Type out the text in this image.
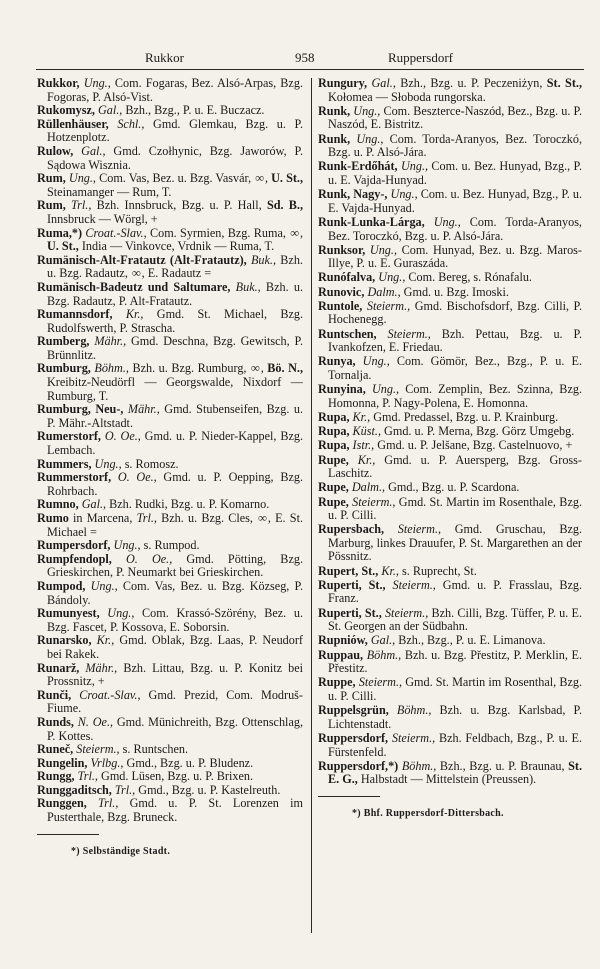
Rukkor	958	Ruppersdorf

Rukkor, Ung., Com. Fogaras, Bez. Alsó-Arpas, Bzg. Fogoras, P. Alsó-Vist.

Rukomysz, Gal., Bzh., Bzg., P. u. E. Buczacz.

Rüllenhäuser, Schl., Gmd. Glemkau, Bzg. u. P. Hotzenplotz.

Rulow, Gal., Gmd. Czołhynic, Bzg. Jaworów, P. Sądowa Wisznia.

Rum, Ung., Com. Vas, Bez. u. Bzg. Vasvár, ∞, U. St., Steinamanger — Rum, T.

Rum, Trl., Bzh. Innsbruck, Bzg. u. P. Hall, Sd. B., Innsbruck — Wörgl, +

Ruma,*) Croat.-Slav., Com. Syrmien, Bzg. Ruma, ∞, U. St., India — Vinkovce, Vrdnik — Ruma, T.

Rumänisch-Alt-Fratautz (Alt-Fratautz), Buk., Bzh. u. Bzg. Radautz, ∞, E. Radautz =

Rumänisch-Badeutz und Saltumare, Buk., Bzh. u. Bzg. Radautz, P. Alt-Fratautz.

Rumannsdorf, Kr., Gmd. St. Michael, Bzg. Rudolfswerth, P. Strascha.

Rumberg, Mähr., Gmd. Deschna, Bzg. Gewitsch, P. Brünnlitz.

Rumburg, Böhm., Bzh. u. Bzg. Rumburg, ∞, Bö. N., Kreibitz-Neudörfl — Georgswalde, Nixdorf — Rumburg, T.

Rumburg, Neu-, Mähr., Gmd. Stubenseifen, Bzg. u. P. Mähr.-Altstadt.

Rumerstorf, O. Oe., Gmd. u. P. Nieder-Kappel, Bzg. Lembach.

Rummers, Ung., s. Romosz.

Rummerstorf, O. Oe., Gmd. u. P. Oepping, Bzg. Rohrbach.

Rumno, Gal., Bzh. Rudki, Bzg. u. P. Komarno.

Rumo in Marcena, Trl., Bzh. u. Bzg. Cles, ∞, E. St. Michael =

Rumpersdorf, Ung., s. Rumpod.

Rumpfendopl, O. Oe., Gmd. Pötting, Bzg. Grieskirchen, P. Neumarkt bei Grieskirchen.

Rumpod, Ung., Com. Vas, Bez. u. Bzg. Közseg, P. Bándoly.

Rumunyest, Ung., Com. Krassó-Szörény, Bez. u. Bzg. Fascet, P. Kossova, E. Soborsin.

Runarsko, Kr., Gmd. Oblak, Bzg. Laas, P. Neudorf bei Rakek.

Runarž, Mähr., Bzh. Littau, Bzg. u. P. Konitz bei Prossnitz, +

Runči, Croat.-Slav., Gmd. Prezid, Com. Modruš-Fiume.

Runds, N. Oe., Gmd. Münichreith, Bzg. Ottenschlag, P. Kottes.

Runeč, Steierm., s. Runtschen.

Rungelin, Vrlbg., Gmd., Bzg. u. P. Bludenz.

Rungg, Trl., Gmd. Lüsen, Bzg. u. P. Brixen.

Runggaditsch, Trl., Gmd., Bzg. u. P. Kastelreuth.

Runggen, Trl., Gmd. u. P. St. Lorenzen im Pusterthale, Bzg. Bruneck.

*) Selbständige Stadt.

Rungury, Gal., Bzh., Bzg. u. P. Peczeniżyn, St. St., Kołomea — Słoboda rungorska.

Runk, Ung., Com. Beszterce-Naszód, Bez., Bzg. u. P. Naszód, E. Bistritz.

Runk, Ung., Com. Torda-Aranyos, Bez. Toroczkó, Bzg. u. P. Alsó-Jára.

Runk-Erdőhát, Ung., Com. u. Bez. Hunyad, Bzg., P. u. E. Vajda-Hunyad.

Runk, Nagy-, Ung., Com. u. Bez. Hunyad, Bzg., P. u. E. Vajda-Hunyad.

Runk-Lunka-Lárga, Ung., Com. Torda-Aranyos, Bez. Toroczkó, Bzg. u. P. Alsó-Jára.

Runksor, Ung., Com. Hunyad, Bez. u. Bzg. Maros-Illye, P. u. E. Guraszáda.

Runófalva, Ung., Com. Bereg, s. Rónafalu.

Runovic, Dalm., Gmd. u. Bzg. Imoski.

Runtole, Steierm., Gmd. Bischofsdorf, Bzg. Cilli, P. Hochenegg.

Runtschen, Steierm., Bzh. Pettau, Bzg. u. P. Ivankofzen, E. Friedau.

Runya, Ung., Com. Gömör, Bez., Bzg., P. u. E. Tornalja.

Runyina, Ung., Com. Zemplin, Bez. Szinna, Bzg. Homonna, P. Nagy-Polena, E. Homonna.

Rupa, Kr., Gmd. Predassel, Bzg. u. P. Krainburg.

Rupa, Küst., Gmd. u. P. Merna, Bzg. Görz Umgebg.

Rupa, Istr., Gmd. u. P. Jelšane, Bzg. Castelnuovo, +

Rupe, Kr., Gmd. u. P. Auersperg, Bzg. Gross-Laschitz.

Rupe, Dalm., Gmd., Bzg. u. P. Scardona.

Rupe, Steierm., Gmd. St. Martin im Rosenthale, Bzg. u. P. Cilli.

Rupersbach, Steierm., Gmd. Gruschau, Bzg. Marburg, linkes Drauufer, P. St. Margarethen an der Pössnitz.

Rupert, St., Kr., s. Ruprecht, St.

Ruperti, St., Steierm., Gmd. u. P. Frasslau, Bzg. Franz.

Ruperti, St., Steierm., Bzh. Cilli, Bzg. Tüffer, P. u. E. St. Georgen an der Südbahn.

Rupniów, Gal., Bzh., Bzg., P. u. E. Limanova.

Ruppau, Böhm., Bzh. u. Bzg. Přestitz, P. Merklin, E. Přestitz.

Ruppe, Steierm., Gmd. St. Martin im Rosenthal, Bzg. u. P. Cilli.

Ruppelsgrün, Böhm., Bzh. u. Bzg. Karlsbad, P. Lichtenstadt.

Ruppersdorf, Steierm., Bzh. Feldbach, Bzg., P. u. E. Fürstenfeld.

Ruppersdorf,*) Böhm., Bzh., Bzg. u. P. Braunau, St. E. G., Halbstadt — Mittelstein (Preussen).

*) Bhf. Ruppersdorf-Dittersbach.
